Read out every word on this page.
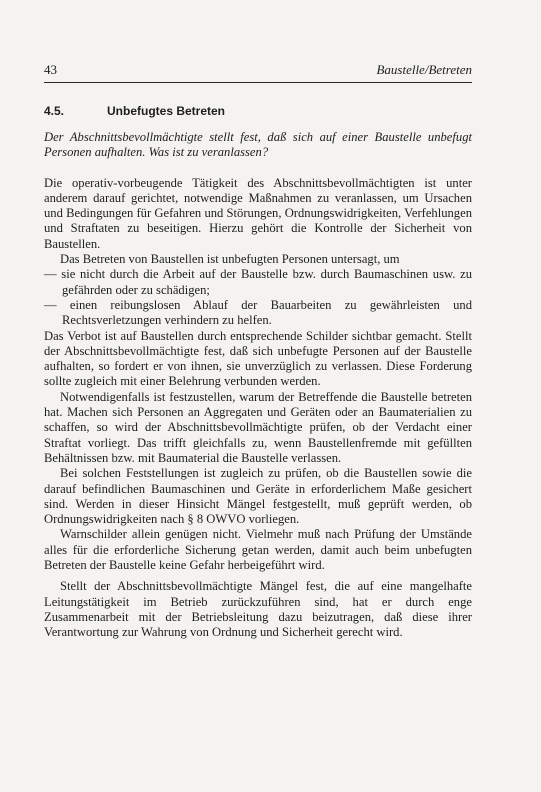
43	Baustelle/Betreten
4.5.	Unbefugtes Betreten

Der Abschnittsbevollmächtigte stellt fest, daß sich auf einer Baustelle unbefugt Personen aufhalten. Was ist zu veranlassen?

Die operativ-vorbeugende Tätigkeit des Abschnittsbevollmächtigten ist unter anderem darauf gerichtet, notwendige Maßnahmen zu veranlassen, um Ursachen und Bedingungen für Gefahren und Störungen, Ordnungswidrigkeiten, Verfehlungen und Straftaten zu beseitigen. Hierzu gehört die Kontrolle der Sicherheit von Baustellen.

Das Betreten von Baustellen ist unbefugten Personen untersagt, um

— sie nicht durch die Arbeit auf der Baustelle bzw. durch Baumaschinen usw. zu gefährden oder zu schädigen;

— einen reibungslosen Ablauf der Bauarbeiten zu gewährleisten und Rechtsverletzungen verhindern zu helfen.

Das Verbot ist auf Baustellen durch entsprechende Schilder sichtbar gemacht. Stellt der Abschnittsbevollmächtigte fest, daß sich unbefugte Personen auf der Baustelle aufhalten, so fordert er von ihnen, sie unverzüglich zu verlassen. Diese Forderung sollte zugleich mit einer Belehrung verbunden werden.

Notwendigenfalls ist festzustellen, warum der Betreffende die Baustelle betreten hat. Machen sich Personen an Aggregaten und Geräten oder an Baumaterialien zu schaffen, so wird der Abschnittsbevollmächtigte prüfen, ob der Verdacht einer Straftat vorliegt. Das trifft gleichfalls zu, wenn Baustellenfremde mit gefüllten Behältnissen bzw. mit Baumaterial die Baustelle verlassen.

Bei solchen Feststellungen ist zugleich zu prüfen, ob die Baustellen sowie die darauf befindlichen Baumaschinen und Geräte in erforderlichem Maße gesichert sind. Werden in dieser Hinsicht Mängel festgestellt, muß geprüft werden, ob Ordnungswidrigkeiten nach § 8 OWVO vorliegen.

Warnschilder allein genügen nicht. Vielmehr muß nach Prüfung der Umstände alles für die erforderliche Sicherung getan werden, damit auch beim unbefugten Betreten der Baustelle keine Gefahr herbeigeführt wird.

Stellt der Abschnittsbevollmächtigte Mängel fest, die auf eine mangelhafte Leitungstätigkeit im Betrieb zurückzuführen sind, hat er durch enge Zusammenarbeit mit der Betriebsleitung dazu beizutragen, daß diese ihrer Verantwortung zur Wahrung von Ordnung und Sicherheit gerecht wird.
